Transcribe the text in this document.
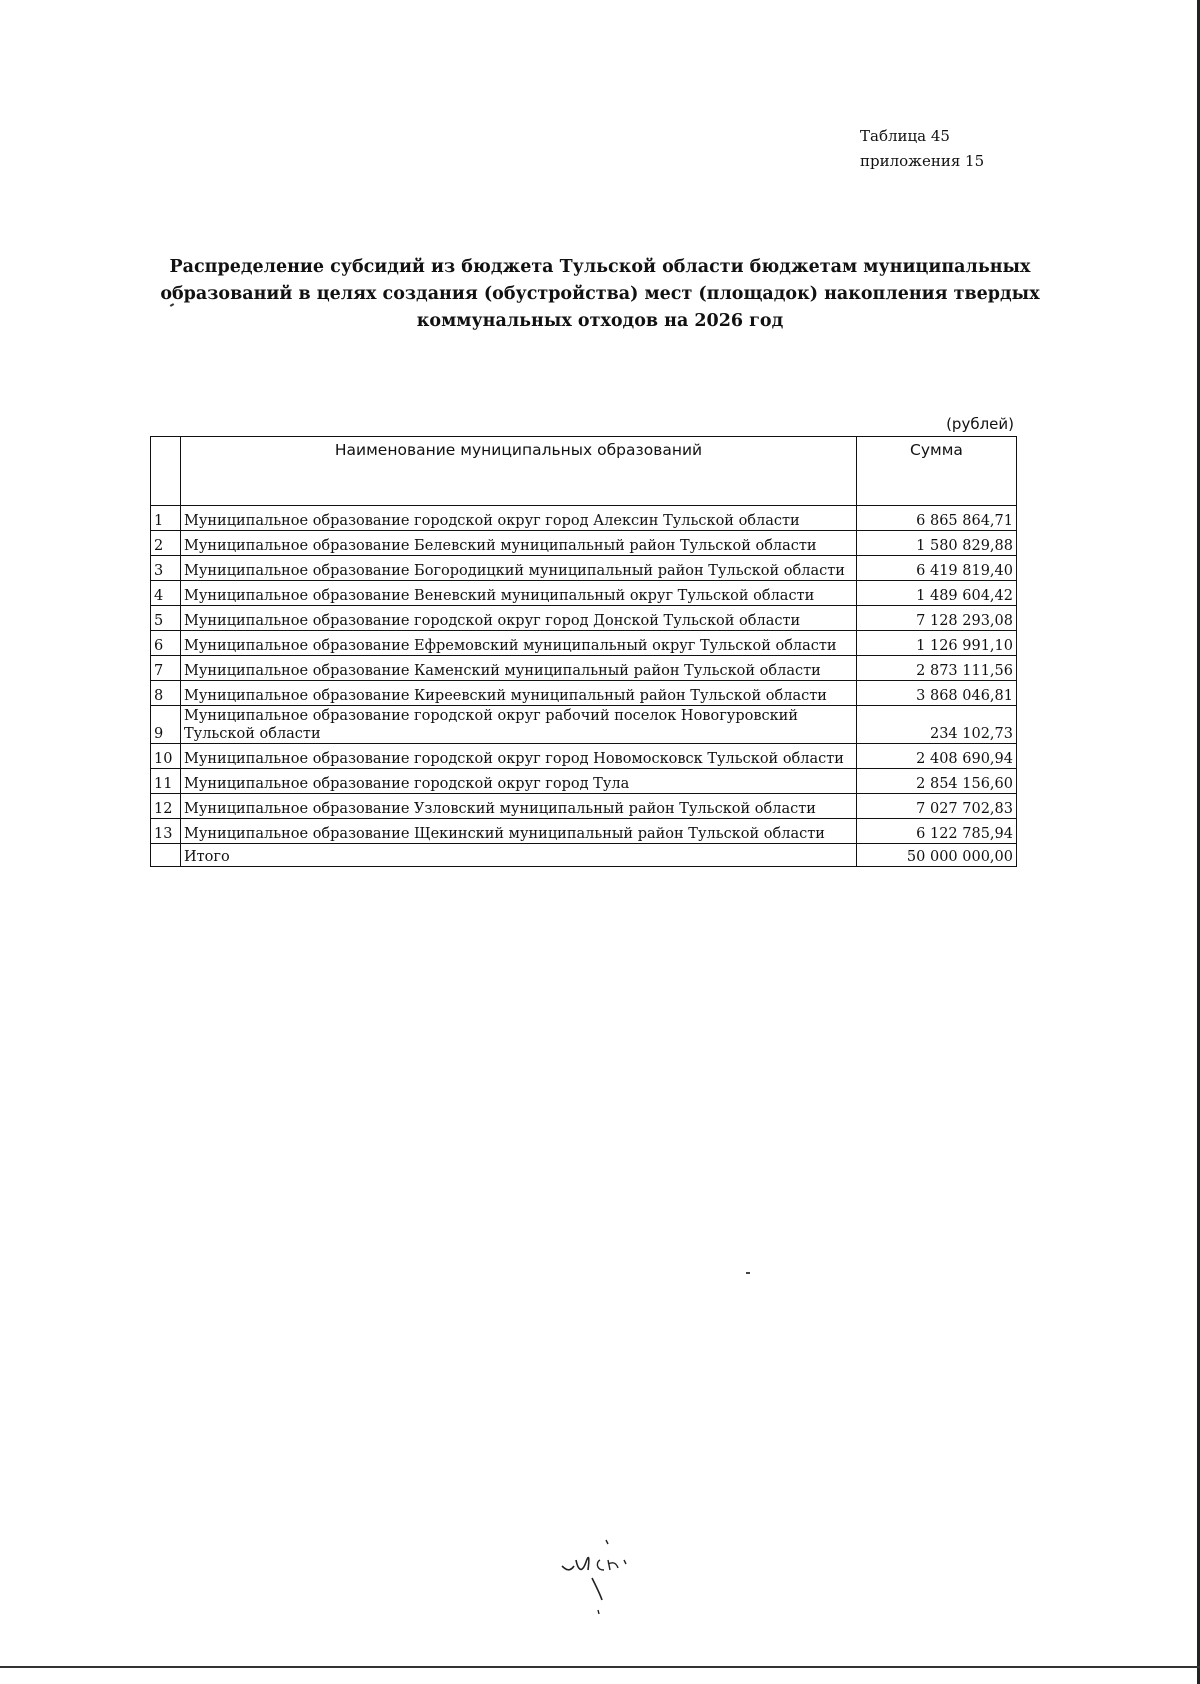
Таблица 45
приложения 15
Распределение субсидий из бюджета Тульской области бюджетам муниципальных образований в целях создания (обустройства) мест (площадок) накопления твердых коммунальных отходов на 2026 год
(рублей)
	Наименование муниципальных образований	Сумма
1	Муниципальное образование городской округ город Алексин Тульской области	6 865 864,71
2	Муниципальное образование Белевский муниципальный район Тульской области	1 580 829,88
3	Муниципальное образование Богородицкий муниципальный район Тульской области	6 419 819,40
4	Муниципальное образование Веневский муниципальный округ Тульской области	1 489 604,42
5	Муниципальное образование городской округ город Донской Тульской области	7 128 293,08
6	Муниципальное образование Ефремовский муниципальный округ Тульской области	1 126 991,10
7	Муниципальное образование Каменский муниципальный район Тульской области	2 873 111,56
8	Муниципальное образование Киреевский муниципальный район Тульской области	3 868 046,81
9	Муниципальное образование городской округ рабочий поселок Новогуровский Тульской области	234 102,73
10	Муниципальное образование городской округ город Новомосковск Тульской области	2 408 690,94
11	Муниципальное образование городской округ город Тула	2 854 156,60
12	Муниципальное образование Узловский муниципальный район Тульской области	7 027 702,83
13	Муниципальное образование Щекинский муниципальный район Тульской области	6 122 785,94
	Итого	50 000 000,00
